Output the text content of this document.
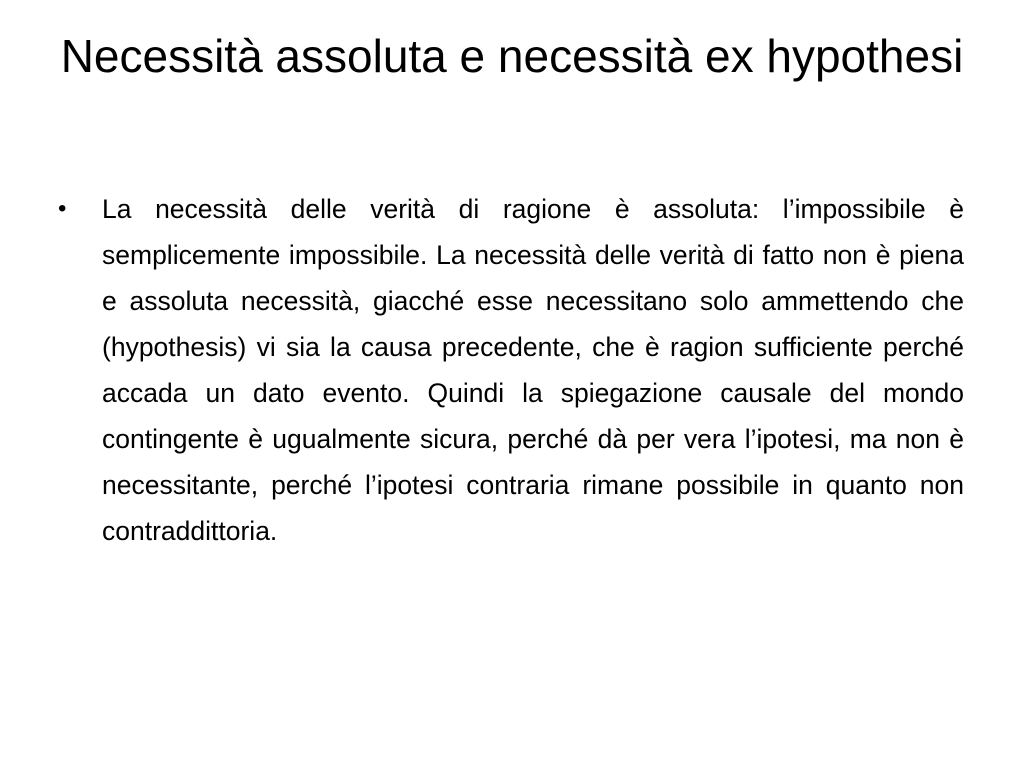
Necessità assoluta e necessità ex hypothesi
• La necessità delle verità di ragione è assoluta: l’impossibile è semplicemente impossibile. La necessità delle verità di fatto non è piena e assoluta necessità, giacché esse necessitano solo ammettendo che (hypothesis) vi sia la causa precedente, che è ragion sufficiente perché accada un dato evento. Quindi la spiegazione causale del mondo contingente è ugualmente sicura, perché dà per vera l’ipotesi, ma non è necessitante, perché l’ipotesi contraria rimane possibile in quanto non contraddittoria.
